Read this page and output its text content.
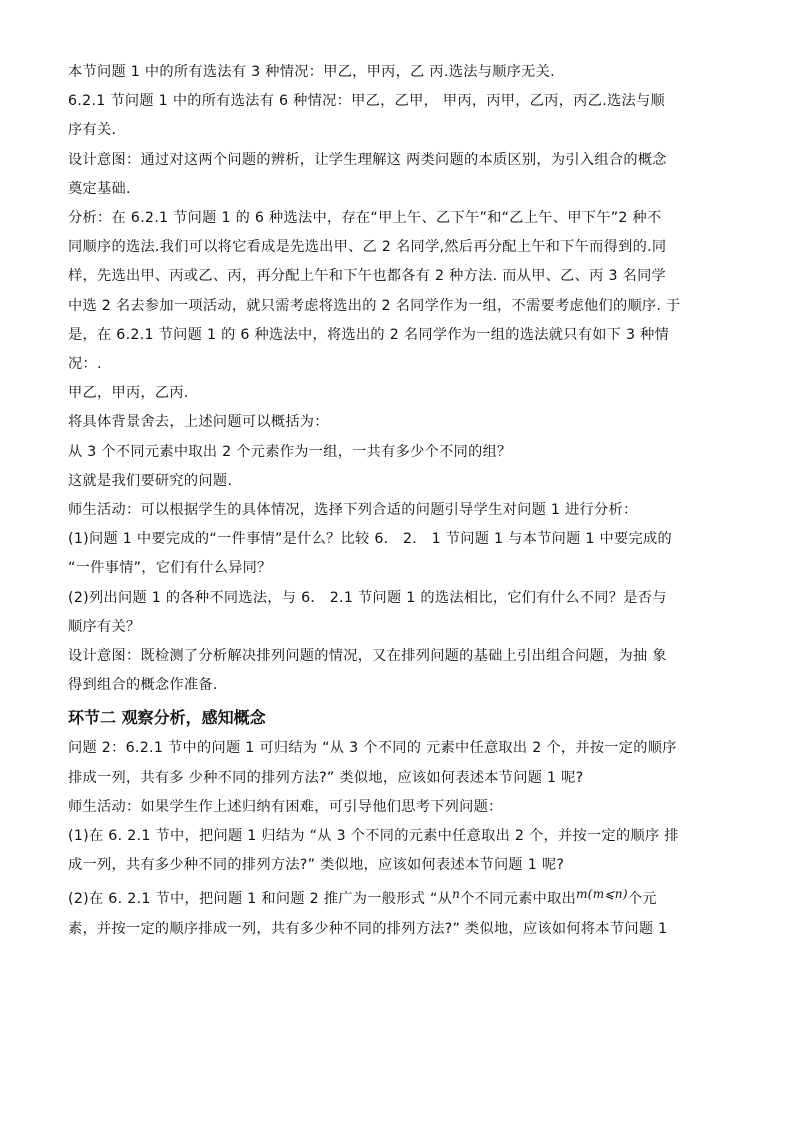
本节问题 1 中的所有选法有 3 种情况：甲乙，甲丙，乙 丙.选法与顺序无关.

6.2.1 节问题 1 中的所有选法有 6 种情况：甲乙，乙甲， 甲丙，丙甲，乙丙，丙乙.选法与顺

序有关.

设计意图：通过对这两个问题的辨析，让学生理解这 两类问题的本质区别，为引入组合的概念

奠定基础.

分析：在 6.2.1 节问题 1 的 6 种选法中，存在“甲上午、乙下午”和“乙上午、甲下午”2 种不

同顺序的选法.我们可以将它看成是先选出甲、乙 2 名同学,然后再分配上午和下午而得到的.同

样，先选出甲、丙或乙、丙，再分配上午和下午也都各有 2 种方法. 而从甲、乙、丙 3 名同学

中选 2 名去参加一项活动，就只需考虑将选出的 2 名同学作为一组，不需要考虑他们的顺序. 于

是，在 6.2.1 节问题 1 的 6 种选法中，将选出的 2 名同学作为一组的选法就只有如下 3 种情

况：.

甲乙，甲丙，乙丙.

将具体背景舍去，上述问题可以概括为：

从 3 个不同元素中取出 2 个元素作为一组，一共有多少个不同的组？

这就是我们要研究的问题.

师生活动：可以根据学生的具体情况，选择下列合适的问题引导学生对问题 1 进行分析：

(1)问题 1 中要完成的“一件事情”是什么？比较 6． 2． 1 节问题 1 与本节问题 1 中要完成的

“一件事情”，它们有什么异同？

(2)列出问题 1 的各种不同选法，与 6． 2.1 节问题 1 的选法相比，它们有什么不同？是否与

顺序有关？

设计意图：既检测了分析解决排列问题的情况，又在排列问题的基础上引出组合问题，为抽 象

得到组合的概念作准备.

环节二 观察分析，感知概念

问题 2：6.2.1 节中的问题 1 可归结为 “从 3 个不同的 元素中任意取出 2 个，并按一定的顺序

排成一列，共有多 少种不同的排列方法?” 类似地，应该如何表述本节问题 1 呢?

师生活动：如果学生作上述归纳有困难，可引导他们思考下列问题：

(1)在 6. 2.1 节中，把问题 1 归结为 “从 3 个不同的元素中任意取出 2 个，并按一定的顺序 排

成一列，共有多少种不同的排列方法?” 类似地，应该如何表述本节问题 1 呢?

(2)在 6. 2.1 节中，把问题 1 和问题 2 推广为一般形式 “从$^n$个不同元素中取出$^{m(m⩽n)}$个元

素，并按一定的顺序排成一列，共有多少种不同的排列方法?” 类似地，应该如何将本节问题 1
